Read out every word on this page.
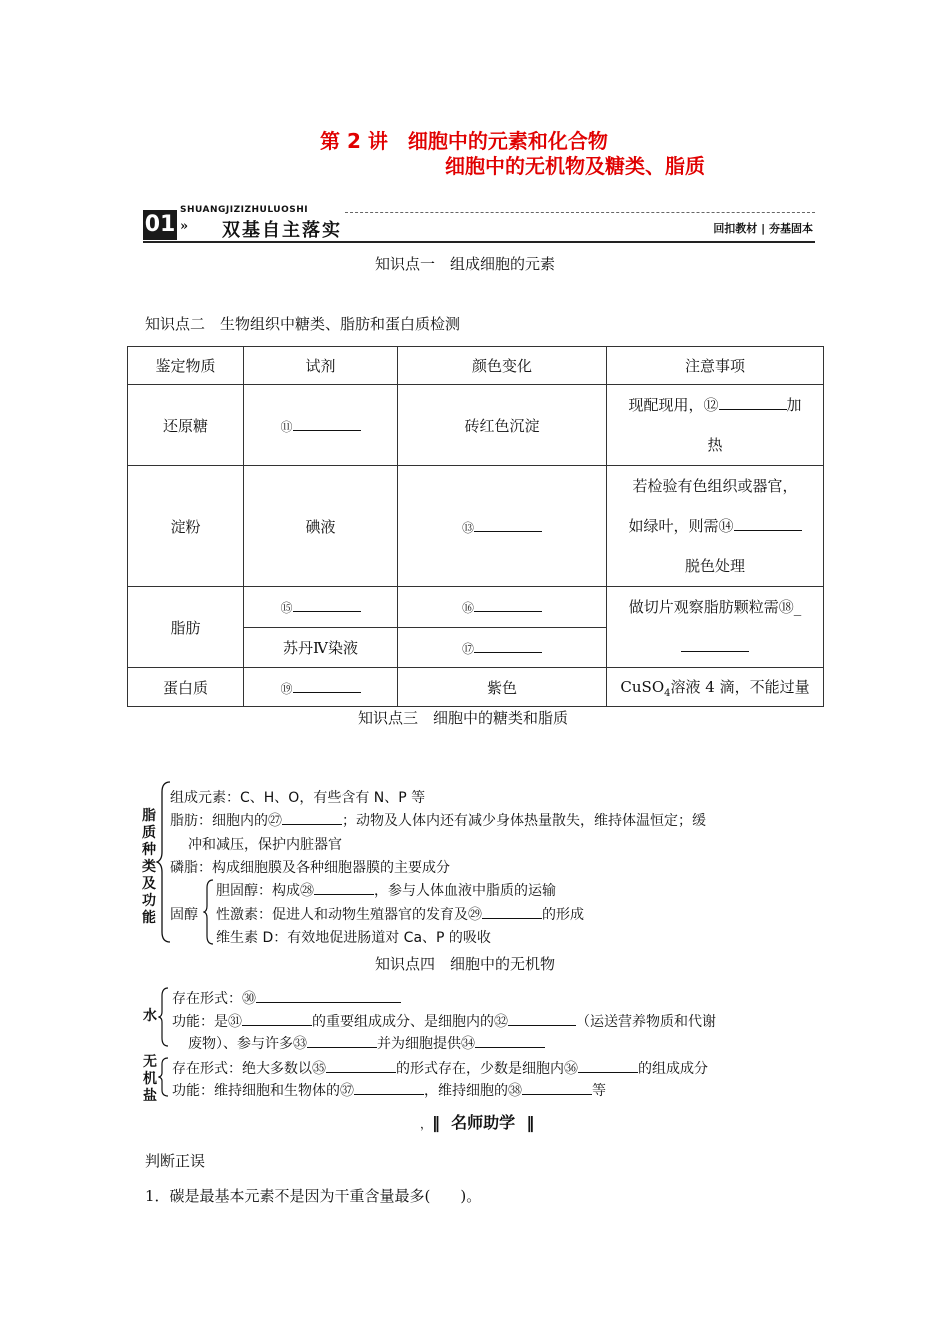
第 2 讲　细胞中的元素和化合物
细胞中的无机物及糖类、脂质
SHUANGJIZIZHULUOSHI
01 » 双基自主落实	回扣教材 | 夯基固本
知识点一　组成细胞的元素
知识点二　生物组织中糖类、脂肪和蛋白质检测
鉴定物质	试剂	颜色变化	注意事项
还原糖	⑪	砖红色沉淀	现配现用，⑫ 加
热
淀粉	碘液	⑬	若检验有色组织或器官，
如绿叶，则需⑭
脱色处理
脂肪	⑮	⑯	做切片观察脂肪颗粒需⑱_

	苏丹Ⅳ染液	⑰	
蛋白质	⑲	紫色	CuSO$_4$溶液 4 滴，不能过量
知识点三　细胞中的糖类和脂质
脂
质
种
类
及
功
能
组成元素：C、H、O，有些含有 N、P 等
脂肪：细胞内的㉗	；动物及人体内还有减少身体热量散失，维持体温恒定；缓
冲和减压，保护内脏器官
磷脂：构成细胞膜及各种细胞器膜的主要成分
固醇
胆固醇：构成㉘	，参与人体血液中脂质的运输
性激素：促进人和动物生殖器官的发育及㉙	的形成
维生素 D：有效地促进肠道对 Ca、P 的吸收
知识点四　细胞中的无机物
水
存在形式：㉚
功能：是㉛	的重要组成成分、是细胞内的㉜	（运送营养物质和代谢
废物）、参与许多㉝	并为细胞提供㉞
无
机
盐
存在形式：绝大多数以㉟	的形式存在，少数是细胞内㊱	的组成成分
功能：维持细胞和生物体的㊲	，维持细胞的㊳	等
，‖ 名师助学 ‖
判断正误
1．碳是最基本元素不是因为干重含量最多(　　)。
